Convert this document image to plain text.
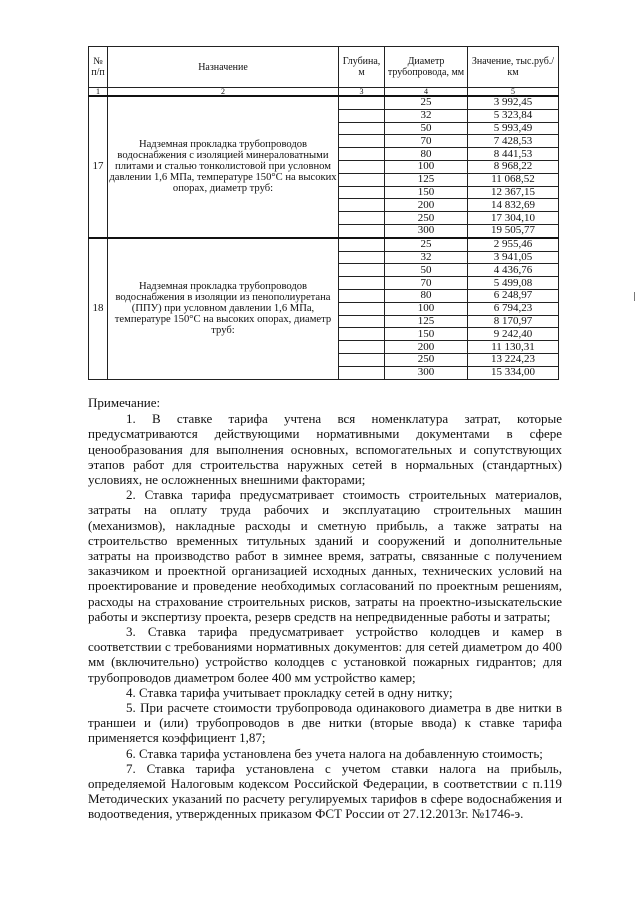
№ п/п	Назначение	Глубина, м	Диаметр трубопровода, мм	Значение, тыс.руб./км
1	2	3	4	5
17	Надземная прокладка трубопроводов водоснабжения с изоляцией минераловатными плитами и сталью тонколистовой при условном давлении 1,6 МПа, температуре 150°С на высоких опорах, диаметр труб:		25	3 992,45
			32	5 323,84
			50	5 993,49
			70	7 428,53
			80	8 441,53
			100	8 968,22
			125	11 068,52
			150	12 367,15
			200	14 832,69
			250	17 304,10
			300	19 505,77
18	Надземная прокладка трубопроводов водоснабжения в изоляции из пенополиуретана (ППУ) при условном давлении 1,6 МПа, температуре 150°С на высоких опорах, диаметр труб:		25	2 955,46
			32	3 941,05
			50	4 436,76
			70	5 499,08
			80	6 248,97
			100	6 794,23
			125	8 170,97
			150	9 242,40
			200	11 130,31
			250	13 224,23
			300	15 334,00
Примечание:

1. В ставке тарифа учтена вся номенклатура затрат, которые предусматриваются действующими нормативными документами в сфере ценообразования для выполнения основных, вспомогательных и сопутствующих этапов работ для строительства наружных сетей в нормальных (стандартных) условиях, не осложненных внешними факторами;

2. Ставка тарифа предусматривает стоимость строительных материалов, затраты на оплату труда рабочих и эксплуатацию строительных машин (механизмов), накладные расходы и сметную прибыль, а также затраты на строительство временных титульных зданий и сооружений и дополнительные затраты на производство работ в зимнее время, затраты, связанные с получением заказчиком и проектной организацией исходных данных, технических условий на проектирование и проведение необходимых согласований по проектным решениям, расходы на страхование строительных рисков, затраты на проектно-изыскательские работы и экспертизу проекта, резерв средств на непредвиденные работы и затраты;

3. Ставка тарифа предусматривает устройство колодцев и камер в соответствии с требованиями нормативных документов: для сетей диаметром до 400 мм (включительно) устройство колодцев с установкой пожарных гидрантов; для трубопроводов диаметром более 400 мм устройство камер;

4. Ставка тарифа учитывает прокладку сетей в одну нитку;

5. При расчете стоимости трубопровода одинакового диаметра в две нитки в траншеи и (или) трубопроводов в две нитки (вторые ввода) к ставке тарифа применяется коэффициент 1,87;

6. Ставка тарифа установлена без учета налога на добавленную стоимость;

7. Ставка тарифа установлена с учетом ставки налога на прибыль, определяемой Налоговым кодексом Российской Федерации, в соответствии с п.119 Методических указаний по расчету регулируемых тарифов в сфере водоснабжения и водоотведения, утвержденных приказом ФСТ России от 27.12.2013г. №1746-э.
